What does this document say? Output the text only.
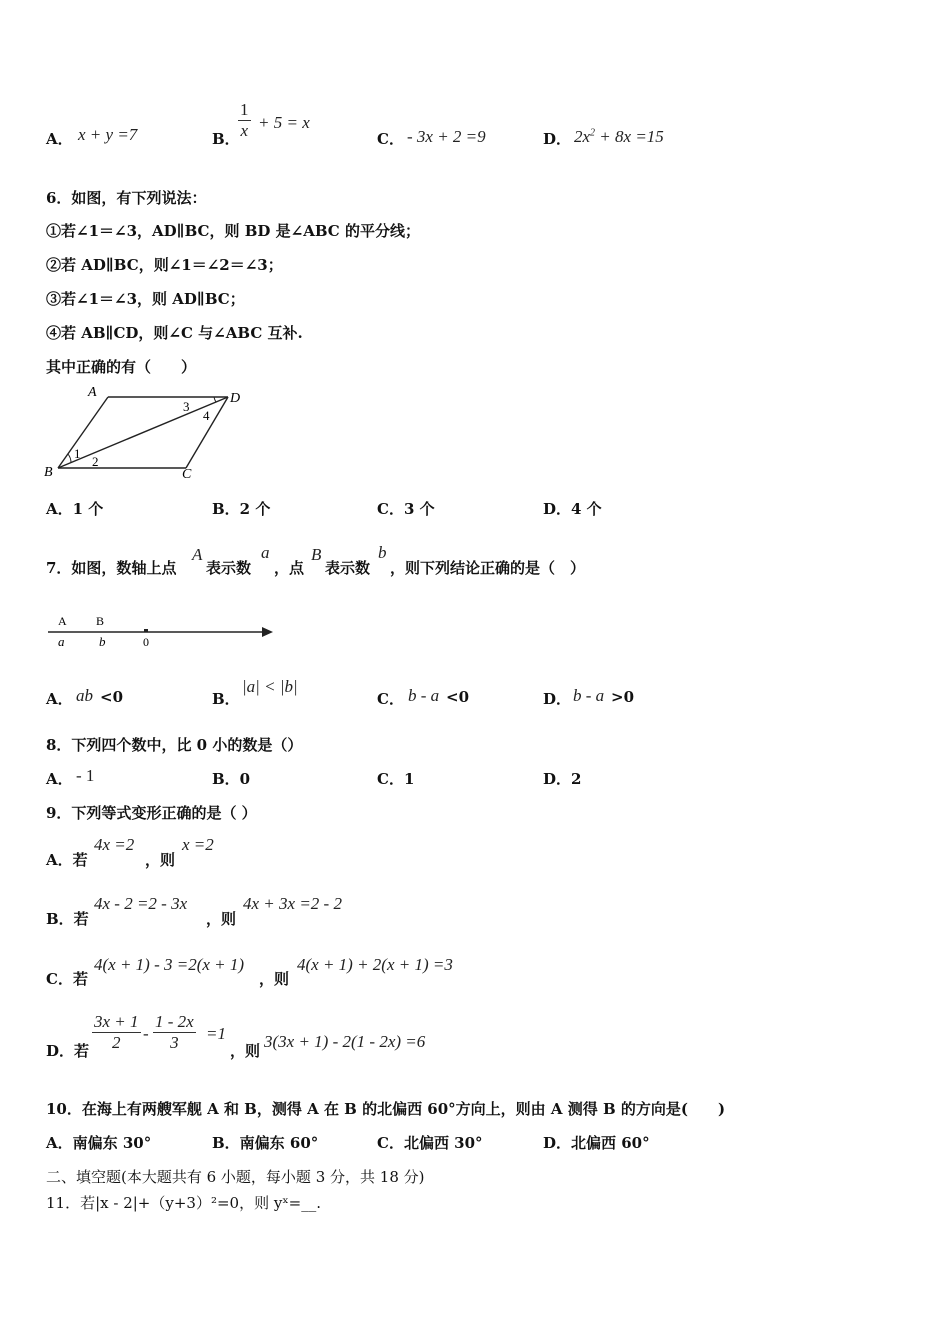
A． x + y =7	B．
$\frac{1}{x} + 5 = x$
C． - 3x + 2 =9	D． $2x^2 + 8x =15$
6．如图，有下列说法：
①若∠1＝∠3，AD∥BC，则 BD 是∠ABC 的平分线；
②若 AD∥BC，则∠1＝∠2＝∠3；
③若∠1＝∠3，则 AD∥BC；
④若 AB∥CD，则∠C 与∠ABC 互补.
其中正确的有（　　）
A	D
B	C
1
2
3
4
A．1 个	B．2 个	C．3 个	D．4 个
7．如图，数轴上点
A
表示数
a
，点
B
表示数
b
，则下列结论正确的是（　）
A B
a	b	0
A． ab <0	B．
|a| < |b|
C． b - a <0	D． b - a >0
8．下列四个数中，比 0 小的数是（）
A． - 1	B．0	C．1	D．2
9．下列等式变形正确的是（ ）
A．若
4x =2
，则
x =2
B．若
4x - 2 =2 - 3x
，则
4x + 3x =2 - 2
C．若
4(x + 1) - 3 =2(x + 1)
，则
4(x + 1) + 2(x + 1) =3
D．若 $\frac{3x + 1}{2} - \frac{1 - 2x}{3} =1$
，则 3(3x + 1) - 2(1 - 2x) =6
10．在海上有两艘军舰 A 和 B，测得 A 在 B 的北偏西 60°方向上，则由 A 测得 B 的方向是(　　)
A．南偏东 30°	B．南偏东 60°	C．北偏西 30°	D．北偏西 60°
二、填空题(本大题共有 6 小题，每小题 3 分，共 18 分)
11．若|x - 2|+（y+3）²=0，则 yˣ=__.
